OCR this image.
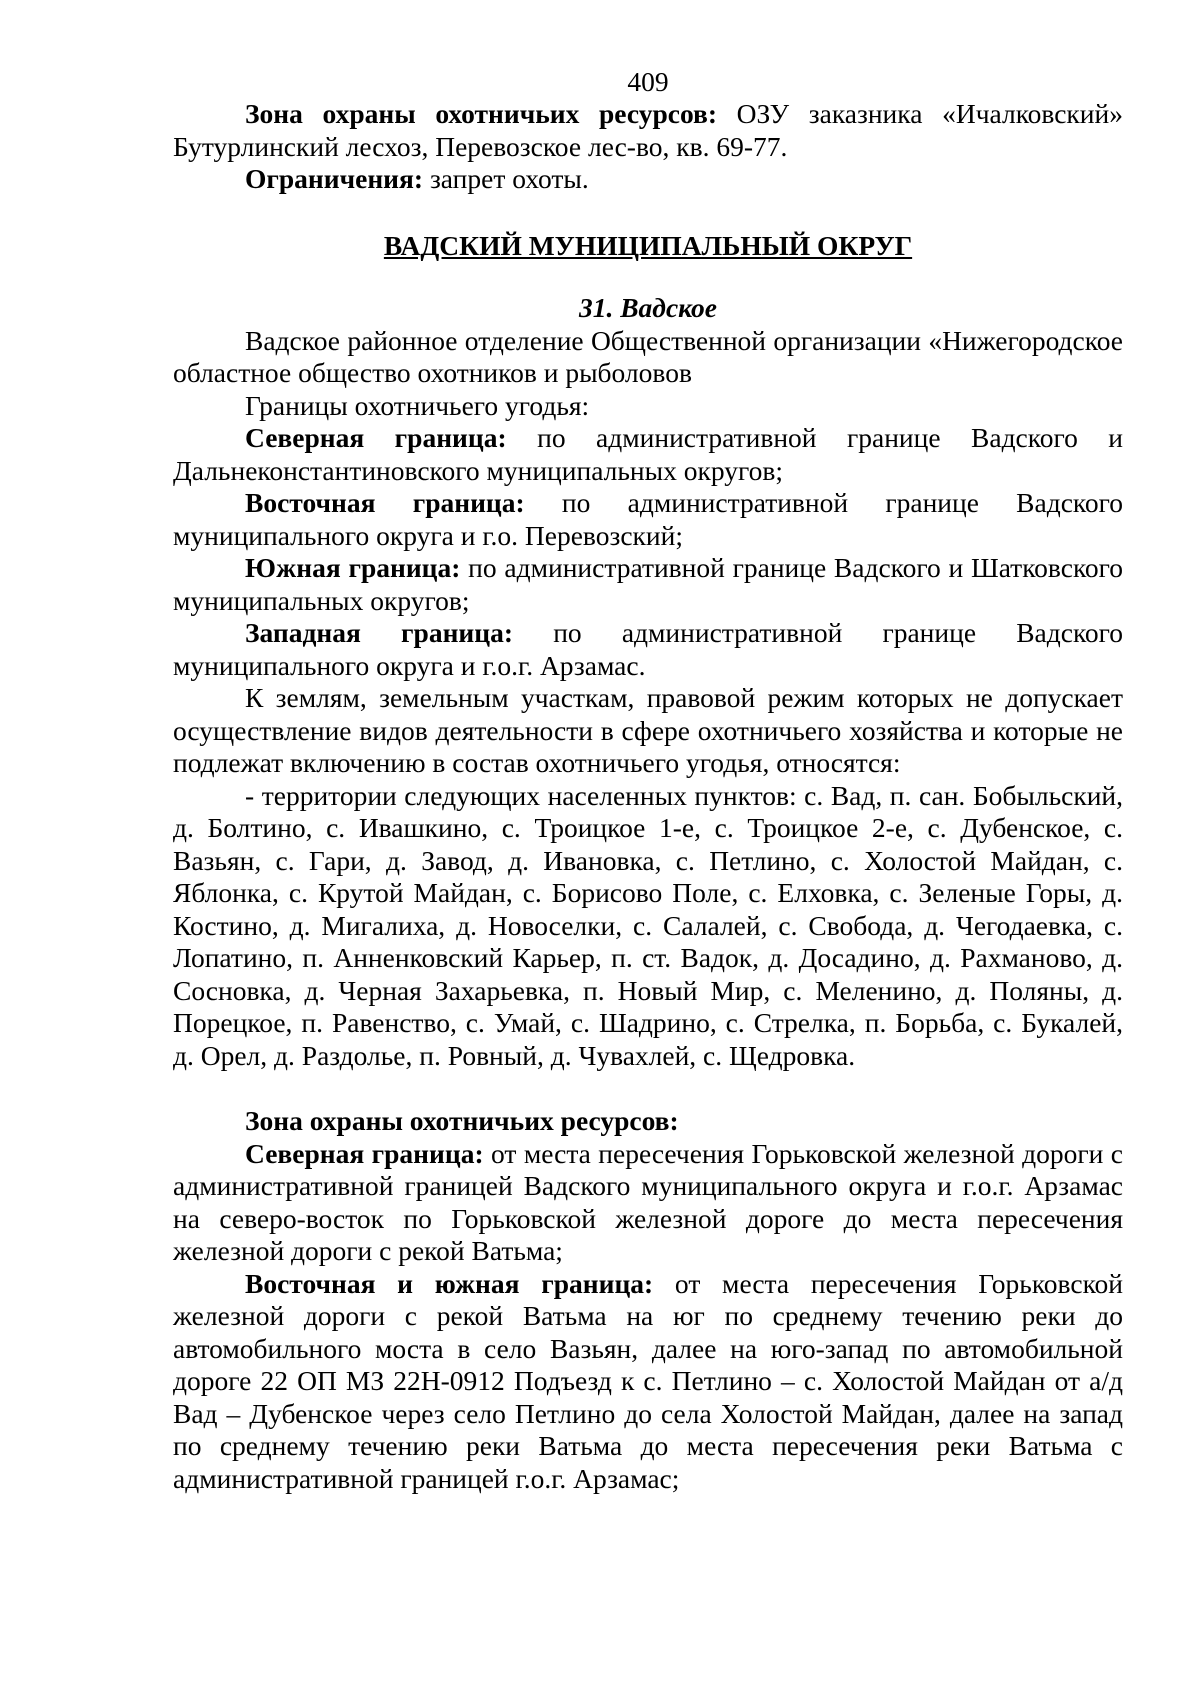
409

Зона охраны охотничьих ресурсов: ОЗУ заказника «Ичалковский» Бутурлинский лесхоз, Перевозское лес-во, кв. 69-77.

Ограничения: запрет охоты.

ВАДСКИЙ МУНИЦИПАЛЬНЫЙ ОКРУГ
31. Вадское

Вадское районное отделение Общественной организации «Нижегородское областное общество охотников и рыболовов

Границы охотничьего угодья:

Северная граница: по административной границе Вадского и Дальнеконстантиновского муниципальных округов;

Восточная граница: по административной границе Вадского муниципального округа и г.о. Перевозский;

Южная граница: по административной границе Вадского и Шатковского муниципальных округов;

Западная граница: по административной границе Вадского муниципального округа и г.о.г. Арзамас.

К землям, земельным участкам, правовой режим которых не допускает осуществление видов деятельности в сфере охотничьего хозяйства и которые не подлежат включению в состав охотничьего угодья, относятся:

- территории следующих населенных пунктов: с. Вад, п. сан. Бобыльский, д. Болтино, с. Ивашкино, с. Троицкое 1-е, с. Троицкое 2-е, с. Дубенское, с. Вазьян, с. Гари, д. Завод, д. Ивановка, с. Петлино, с. Холостой Майдан, с. Яблонка, с. Крутой Майдан, с. Борисово Поле, с. Елховка, с. Зеленые Горы, д. Костино, д. Мигалиха, д. Новоселки, с. Салалей, с. Свобода, д. Чегодаевка, с. Лопатино, п. Анненковский Карьер, п. ст. Вадок, д. Досадино, д. Рахманово, д. Сосновка, д. Черная Захарьевка, п. Новый Мир, с. Меленино, д. Поляны, д. Порецкое, п. Равенство, с. Умай, с. Шадрино, с. Стрелка, п. Борьба, с. Букалей, д. Орел, д. Раздолье, п. Ровный, д. Чувахлей, с. Щедровка.

Зона охраны охотничьих ресурсов:

Северная граница: от места пересечения Горьковской железной дороги с административной границей Вадского муниципального округа и г.о.г. Арзамас на северо-восток по Горьковской железной дороге до места пересечения железной дороги с рекой Ватьма;

Восточная и южная граница: от места пересечения Горьковской железной дороги с рекой Ватьма на юг по среднему течению реки до автомобильного моста в село Вазьян, далее на юго-запад по автомобильной дороге 22 ОП МЗ 22Н-0912 Подъезд к с. Петлино – с. Холостой Майдан от а/д Вад – Дубенское через село Петлино до села Холостой Майдан, далее на запад по среднему течению реки Ватьма до места пересечения реки Ватьма с административной границей г.о.г. Арзамас;
